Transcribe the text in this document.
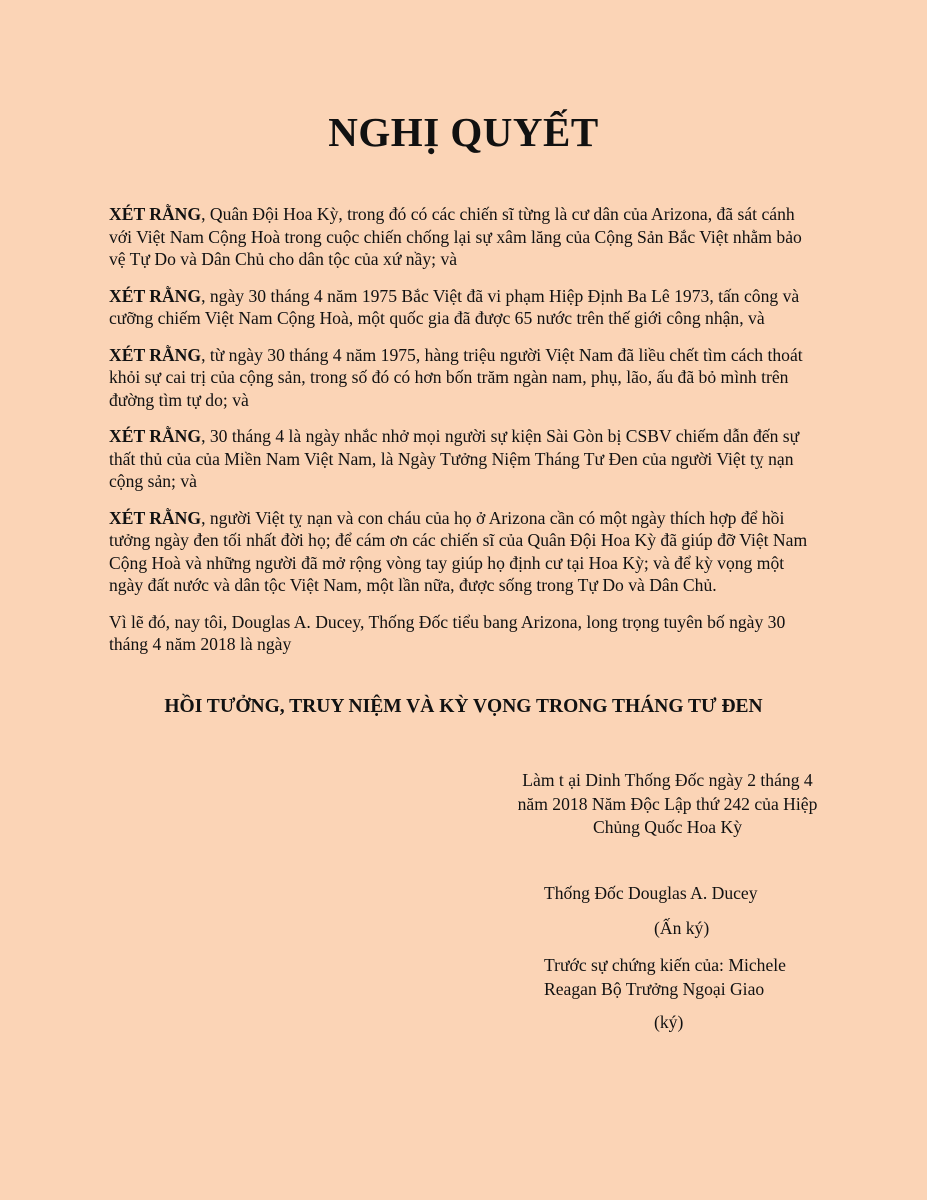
NGHỊ QUYẾT

XÉT RẰNG, Quân Đội Hoa Kỳ, trong đó có các chiến sĩ từng là cư dân của Arizona, đã sát cánh với Việt Nam Cộng Hoà trong cuộc chiến chống lại sự xâm lăng của Cộng Sản Bắc Việt nhằm bảo vệ Tự Do và Dân Chủ cho dân tộc của xứ nầy; và

XÉT RẰNG, ngày 30 tháng 4 năm 1975 Bắc Việt đã vi phạm Hiệp Định Ba Lê 1973, tấn công và cưỡng chiếm Việt Nam Cộng Hoà, một quốc gia đã được 65 nước trên thế giới công nhận, và

XÉT RẰNG, từ ngày 30 tháng 4 năm 1975, hàng triệu người Việt Nam đã liều chết tìm cách thoát khỏi sự cai trị của cộng sản, trong số đó có hơn bốn trăm ngàn nam, phụ, lão, ấu đã bỏ mình trên đường tìm tự do; và

XÉT RẰNG, 30 tháng 4 là ngày nhắc nhở mọi người sự kiện Sài Gòn bị CSBV chiếm dẫn đến sự thất thủ của của Miền Nam Việt Nam, là Ngày Tưởng Niệm Tháng Tư Đen của người Việt tỵ nạn cộng sản; và

XÉT RẰNG, người Việt tỵ nạn và con cháu của họ ở Arizona cần có một ngày thích hợp để hồi tưởng ngày đen tối nhất đời họ; để cám ơn các chiến sĩ của Quân Đội Hoa Kỳ đã giúp đỡ Việt Nam Cộng Hoà và những người đã mở rộng vòng tay giúp họ định cư tại Hoa Kỳ; và để kỳ vọng một ngày đất nước và dân tộc Việt Nam, một lần nữa, được sống trong Tự Do và Dân Chủ.

Vì lẽ đó, nay tôi, Douglas A. Ducey, Thống Đốc tiểu bang Arizona, long trọng tuyên bố ngày 30 tháng 4 năm 2018 là ngày

HỒI TƯỞNG, TRUY NIỆM VÀ KỲ VỌNG TRONG THÁNG TƯ ĐEN
Làm t ại Dinh Thống Đốc ngày 2 tháng 4
năm 2018 Năm Độc Lập thứ 242 của Hiệp
Chủng Quốc Hoa Kỳ

Thống Đốc Douglas A. Ducey

(Ấn ký)

Trước sự chứng kiến của: Michele

Reagan Bộ Trưởng Ngoại Giao

(ký)
